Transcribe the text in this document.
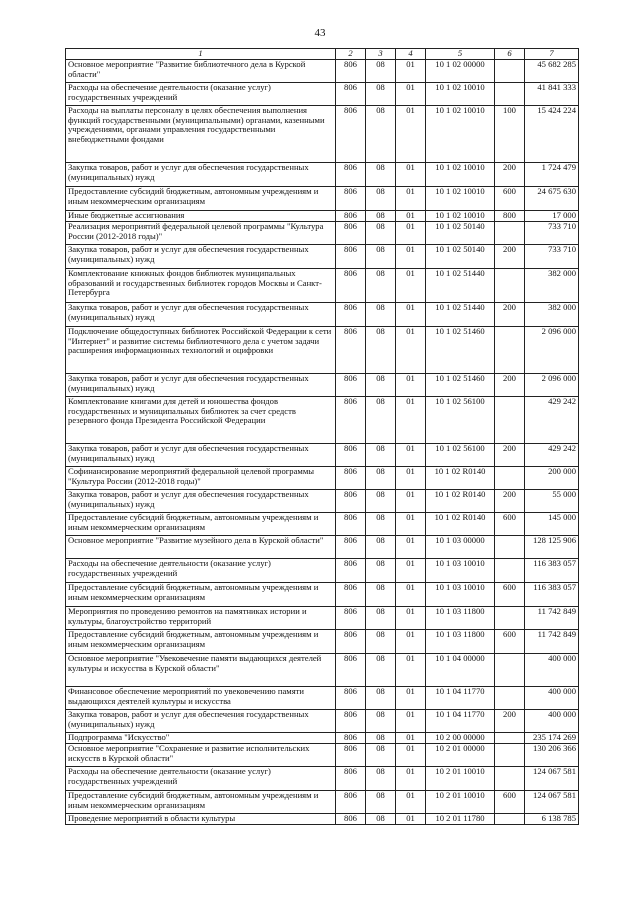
43
1	2	3	4	5	6	7
Основное мероприятие "Развитие библиотечного дела в Курской области"	806	08	01	10 1 02 00000		45 682 285
Расходы на обеспечение деятельности (оказание услуг) государственных учреждений	806	08	01	10 1 02 10010		41 841 333
Расходы на выплаты персоналу в целях обеспечения выполнения функций государственными (муниципальными) органами, казенными учреждениями, органами управления государственными внебюджетными фондами	806	08	01	10 1 02 10010	100	15 424 224
Закупка товаров, работ и услуг для обеспечения государственных (муниципальных) нужд	806	08	01	10 1 02 10010	200	1 724 479
Предоставление субсидий бюджетным, автономным учреждениям и иным некоммерческим организациям	806	08	01	10 1 02 10010	600	24 675 630
Иные бюджетные ассигнования	806	08	01	10 1 02 10010	800	17 000
Реализация мероприятий федеральной целевой программы "Культура России (2012-2018 годы)"	806	08	01	10 1 02 50140		733 710
Закупка товаров, работ и услуг для обеспечения государственных (муниципальных) нужд	806	08	01	10 1 02 50140	200	733 710
Комплектование книжных фондов библиотек муниципальных образований и государственных библиотек городов Москвы и Санкт-Петербурга	806	08	01	10 1 02 51440		382 000
Закупка товаров, работ и услуг для обеспечения государственных (муниципальных) нужд	806	08	01	10 1 02 51440	200	382 000
Подключение общедоступных библиотек Российской Федерации к сети "Интернет" и развитие системы библиотечного дела с учетом задачи расширения информационных технологий и оцифровки	806	08	01	10 1 02 51460		2 096 000
Закупка товаров, работ и услуг для обеспечения государственных (муниципальных) нужд	806	08	01	10 1 02 51460	200	2 096 000
Комплектование книгами для детей и юношества фондов государственных и муниципальных библиотек за счет средств резервного фонда Президента Российской Федерации	806	08	01	10 1 02 56100		429 242
Закупка товаров, работ и услуг для обеспечения государственных (муниципальных) нужд	806	08	01	10 1 02 56100	200	429 242
Софинансирование мероприятий федеральной целевой программы "Культура России (2012-2018 годы)"	806	08	01	10 1 02 R0140		200 000
Закупка товаров, работ и услуг для обеспечения государственных (муниципальных) нужд	806	08	01	10 1 02 R0140	200	55 000
Предоставление субсидий бюджетным, автономным учреждениям и иным некоммерческим организациям	806	08	01	10 1 02 R0140	600	145 000
Основное мероприятие "Развитие музейного дела в Курской области"	806	08	01	10 1 03 00000		128 125 906
Расходы на обеспечение деятельности (оказание услуг) государственных учреждений	806	08	01	10 1 03 10010		116 383 057
Предоставление субсидий бюджетным, автономным учреждениям и иным некоммерческим организациям	806	08	01	10 1 03 10010	600	116 383 057
Мероприятия по проведению ремонтов на памятниках истории и культуры, благоустройство территорий	806	08	01	10 1 03 11800		11 742 849
Предоставление субсидий бюджетным, автономным учреждениям и иным некоммерческим организациям	806	08	01	10 1 03 11800	600	11 742 849
Основное мероприятие "Увековечение памяти выдающихся деятелей культуры и искусства в Курской области"	806	08	01	10 1 04 00000		400 000
Финансовое обеспечение мероприятий по увековечению памяти выдающихся деятелей культуры и искусства	806	08	01	10 1 04 11770		400 000
Закупка товаров, работ и услуг для обеспечения государственных (муниципальных) нужд	806	08	01	10 1 04 11770	200	400 000
Подпрограмма "Искусство"	806	08	01	10 2 00 00000		235 174 269
Основное мероприятие "Сохранение и развитие исполнительских искусств в Курской области"	806	08	01	10 2 01 00000		130 206 366
Расходы на обеспечение деятельности (оказание услуг) государственных учреждений	806	08	01	10 2 01 10010		124 067 581
Предоставление субсидий бюджетным, автономным учреждениям и иным некоммерческим организациям	806	08	01	10 2 01 10010	600	124 067 581
Проведение мероприятий в области культуры	806	08	01	10 2 01 11780		6 138 785
